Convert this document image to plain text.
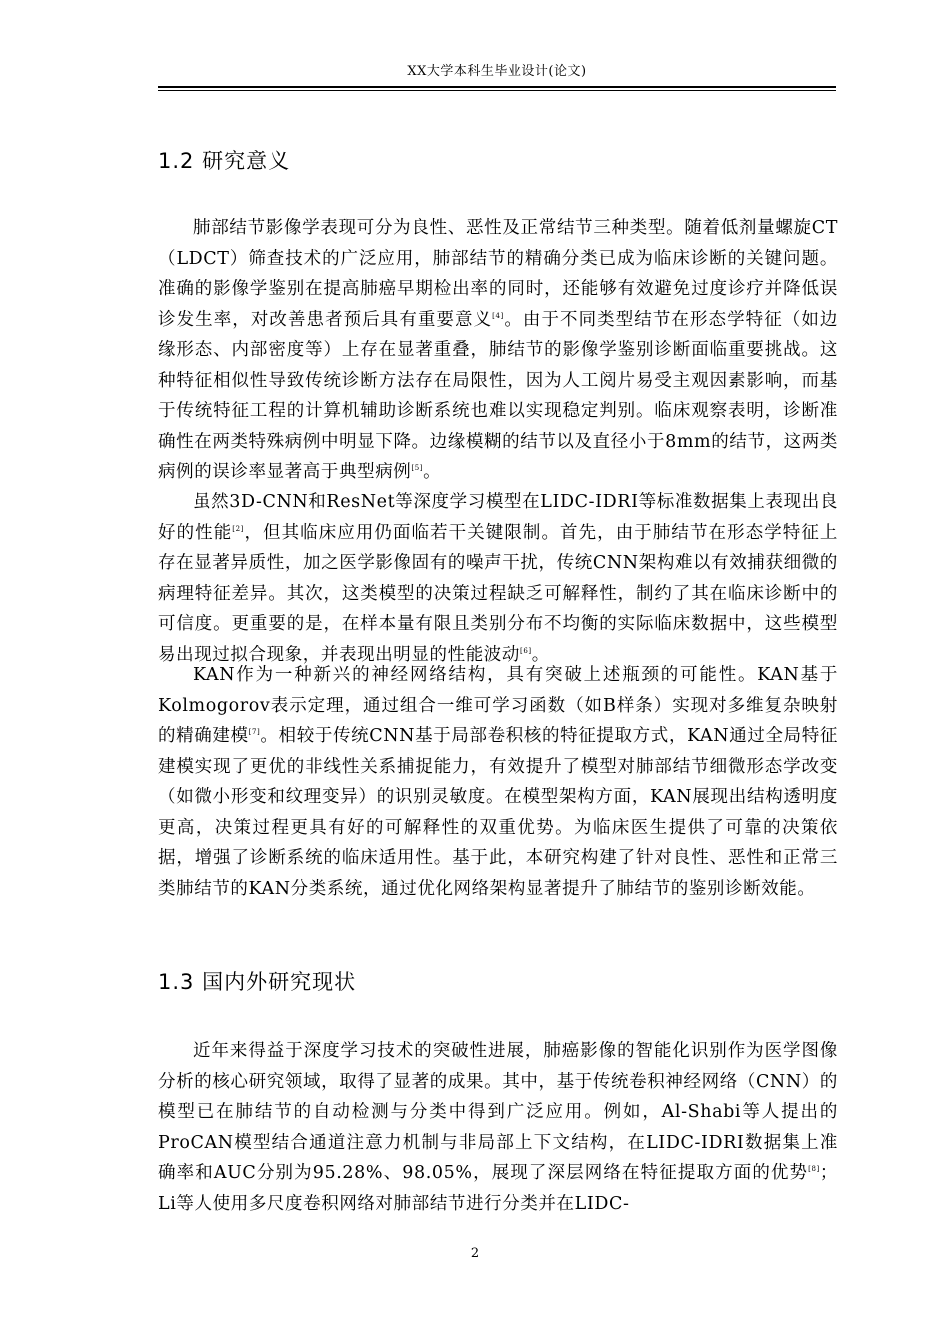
XX大学本科生毕业设计(论文)
1.2 研究意义

肺部结节影像学表现可分为良性、恶性及正常结节三种类型。随着低剂量螺旋CT（LDCT）筛查技术的广泛应用，肺部结节的精确分类已成为临床诊断的关键问题。准确的影像学鉴别在提高肺癌早期检出率的同时，还能够有效避免过度诊疗并降低误诊发生率，对改善患者预后具有重要意义[4]。由于不同类型结节在形态学特征（如边缘形态、内部密度等）上存在显著重叠，肺结节的影像学鉴别诊断面临重要挑战。这种特征相似性导致传统诊断方法存在局限性，因为人工阅片易受主观因素影响，而基于传统特征工程的计算机辅助诊断系统也难以实现稳定判别。临床观察表明，诊断准确性在两类特殊病例中明显下降。边缘模糊的结节以及直径小于8mm的结节，这两类病例的误诊率显著高于典型病例[5]。

虽然3D-CNN和ResNet等深度学习模型在LIDC-IDRI等标准数据集上表现出良好的性能[2]，但其临床应用仍面临若干关键限制。首先，由于肺结节在形态学特征上存在显著异质性，加之医学影像固有的噪声干扰，传统CNN架构难以有效捕获细微的病理特征差异。其次，这类模型的决策过程缺乏可解释性，制约了其在临床诊断中的可信度。更重要的是，在样本量有限且类别分布不均衡的实际临床数据中，这些模型易出现过拟合现象，并表现出明显的性能波动[6]。

KAN作为一种新兴的神经网络结构，具有突破上述瓶颈的可能性。KAN基于Kolmogorov表示定理，通过组合一维可学习函数（如B样条）实现对多维复杂映射的精确建模[7]。相较于传统CNN基于局部卷积核的特征提取方式，KAN通过全局特征建模实现了更优的非线性关系捕捉能力，有效提升了模型对肺部结节细微形态学改变（如微小形变和纹理变异）的识别灵敏度。在模型架构方面，KAN展现出结构透明度更高，决策过程更具有好的可解释性的双重优势。为临床医生提供了可靠的决策依据，增强了诊断系统的临床适用性。基于此，本研究构建了针对良性、恶性和正常三类肺结节的KAN分类系统，通过优化网络架构显著提升了肺结节的鉴别诊断效能。

1.3 国内外研究现状

近年来得益于深度学习技术的突破性进展，肺癌影像的智能化识别作为医学图像分析的核心研究领域，取得了显著的成果。其中，基于传统卷积神经网络（CNN）的模型已在肺结节的自动检测与分类中得到广泛应用。例如，Al-Shabi等人提出的ProCAN模型结合通道注意力机制与非局部上下文结构，在LIDC-IDRI数据集上准确率和AUC分别为95.28%、98.05%，展现了深层网络在特征提取方面的优势[8]；Li等人使用多尺度卷积网络对肺部结节进行分类并在LIDC-

2
